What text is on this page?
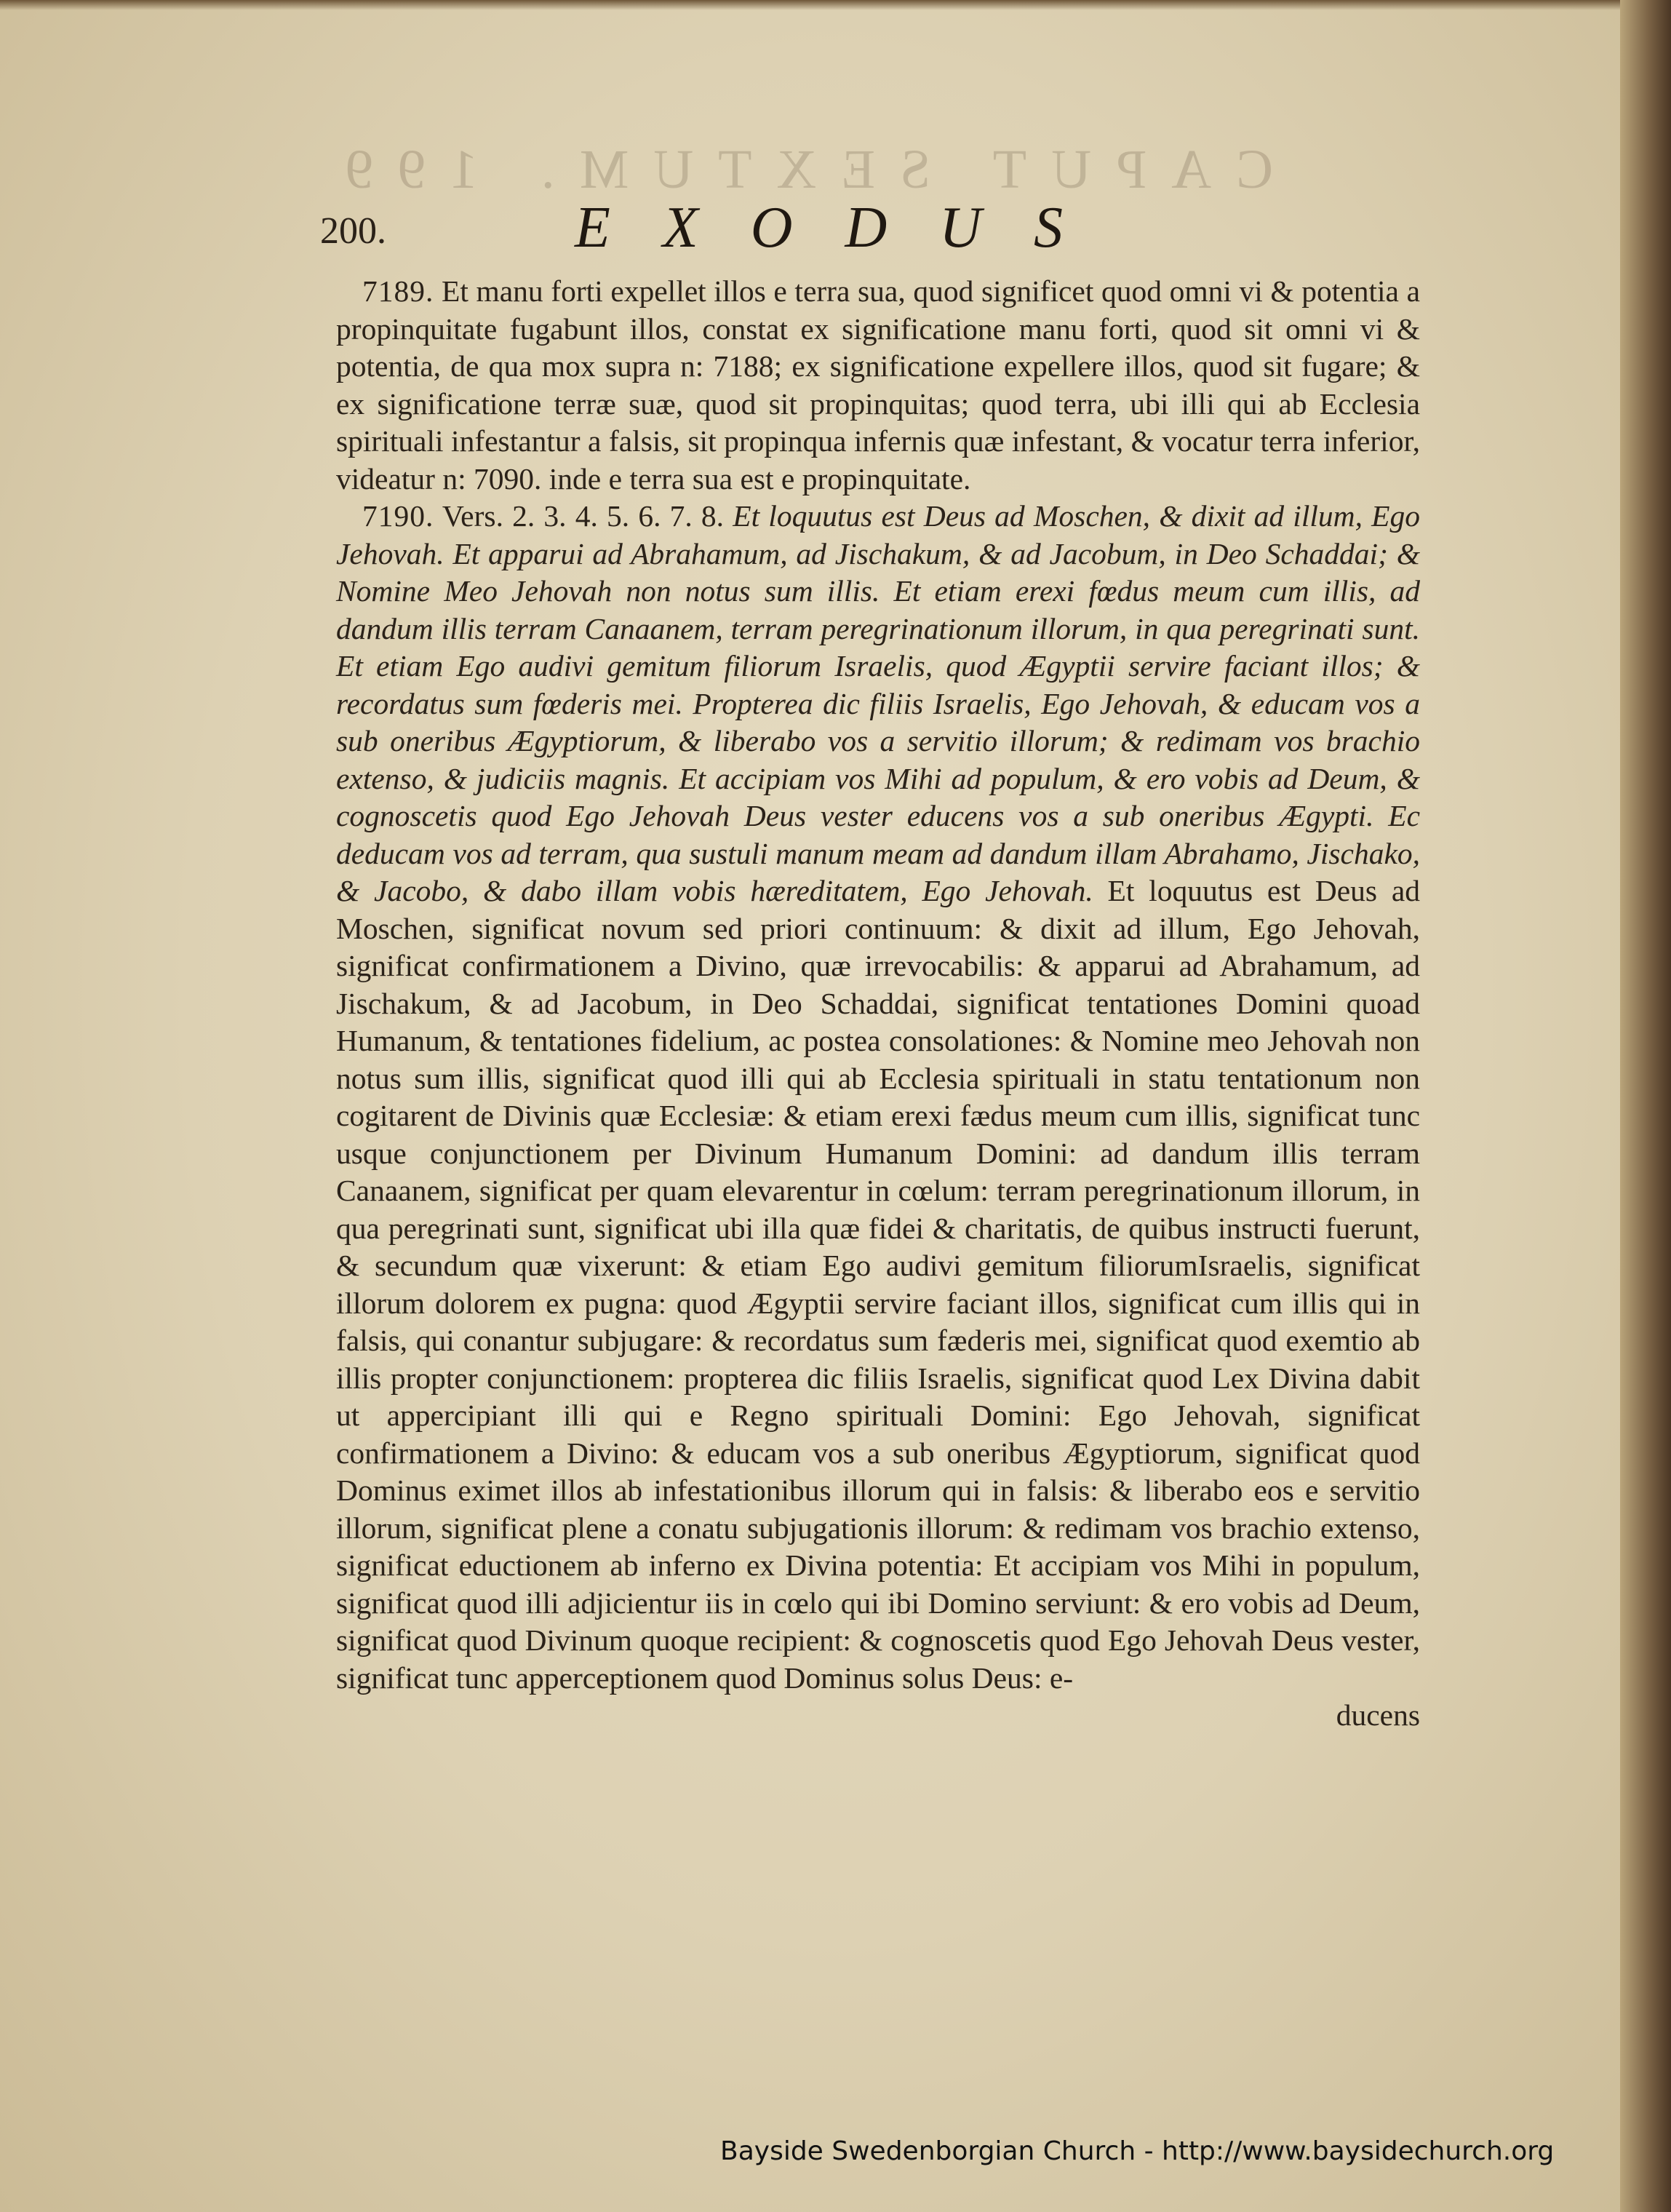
CAPUT SEXTUM. 199
200.	EXODUS

7189. Et manu forti expellet illos e terra sua, quod significet quod omni vi & potentia a propinquitate fugabunt illos, constat ex significatione manu forti, quod sit omni vi & potentia, de qua mox supra n: 7188; ex significatione expellere illos, quod sit fugare; & ex significatione terræ suæ, quod sit propinquitas; quod terra, ubi illi qui ab Ecclesia spirituali infestantur a falsis, sit propinqua infernis quæ infestant, & vocatur terra inferior, videatur n: 7090. inde e terra sua est e propinquitate.

7190. Vers. 2. 3. 4. 5. 6. 7. 8. Et loquutus est Deus ad Moschen, & dixit ad illum, Ego Jehovah. Et apparui ad Abrahamum, ad Jischakum, & ad Jacobum, in Deo Schaddai; & Nomine Meo Jehovah non notus sum illis. Et etiam erexi fœdus meum cum illis, ad dandum illis terram Canaanem, terram peregrinationum illorum, in qua peregrinati sunt. Et etiam Ego audivi gemitum filiorum Israelis, quod Ægyptii servire faciant illos; & recordatus sum fœderis mei. Propterea dic filiis Israelis, Ego Jehovah, & educam vos a sub oneribus Ægyptiorum, & liberabo vos a servitio illorum; & redimam vos brachio extenso, & judiciis magnis. Et accipiam vos Mihi ad populum, & ero vobis ad Deum, & cognoscetis quod Ego Jehovah Deus vester educens vos a sub oneribus Ægypti. Ec deducam vos ad terram, qua sustuli manum meam ad dandum illam Abrahamo, Jischako, & Jacobo, & dabo illam vobis hæreditatem, Ego Jehovah. Et loquutus est Deus ad Moschen, significat novum sed priori continuum: & dixit ad illum, Ego Jehovah, significat confirmationem a Divino, quæ irrevocabilis: & apparui ad Abrahamum, ad Jischakum, & ad Jacobum, in Deo Schaddai, significat tentationes Domini quoad Humanum, & tentationes fidelium, ac postea consolationes: & Nomine meo Jehovah non notus sum illis, significat quod illi qui ab Ecclesia spirituali in statu tentationum non cogitarent de Divinis quæ Ecclesiæ: & etiam erexi fædus meum cum illis, significat tunc usque conjunctionem per Divinum Humanum Domini: ad dandum illis terram Canaanem, significat per quam elevarentur in cœlum: terram peregrinationum illorum, in qua peregrinati sunt, significat ubi illa quæ fidei & charitatis, de quibus instructi fuerunt, & secundum quæ vixerunt: & etiam Ego audivi gemitum filiorumIsraelis, significat illorum dolorem ex pugna: quod Ægyptii servire faciant illos, significat cum illis qui in falsis, qui conantur subjugare: & recordatus sum fæderis mei, significat quod exemtio ab illis propter conjunctionem: propterea dic filiis Israelis, significat quod Lex Divina dabit ut appercipiant illi qui e Regno spirituali Domini: Ego Jehovah, significat confirmationem a Divino: & educam vos a sub oneribus Ægyptiorum, significat quod Dominus eximet illos ab infestationibus illorum qui in falsis: & liberabo eos e servitio illorum, significat plene a conatu subjugationis illorum: & redimam vos brachio extenso, significat eductionem ab inferno ex Divina potentia: Et accipiam vos Mihi in populum, significat quod illi adjicientur iis in cœlo qui ibi Domino serviunt: & ero vobis ad Deum, significat quod Divinum quoque recipient: & cognoscetis quod Ego Jehovah Deus vester, significat tunc apperceptionem quod Dominus solus Deus: e-

ducens

Bayside Swedenborgian Church - http://www.baysidechurch.org
